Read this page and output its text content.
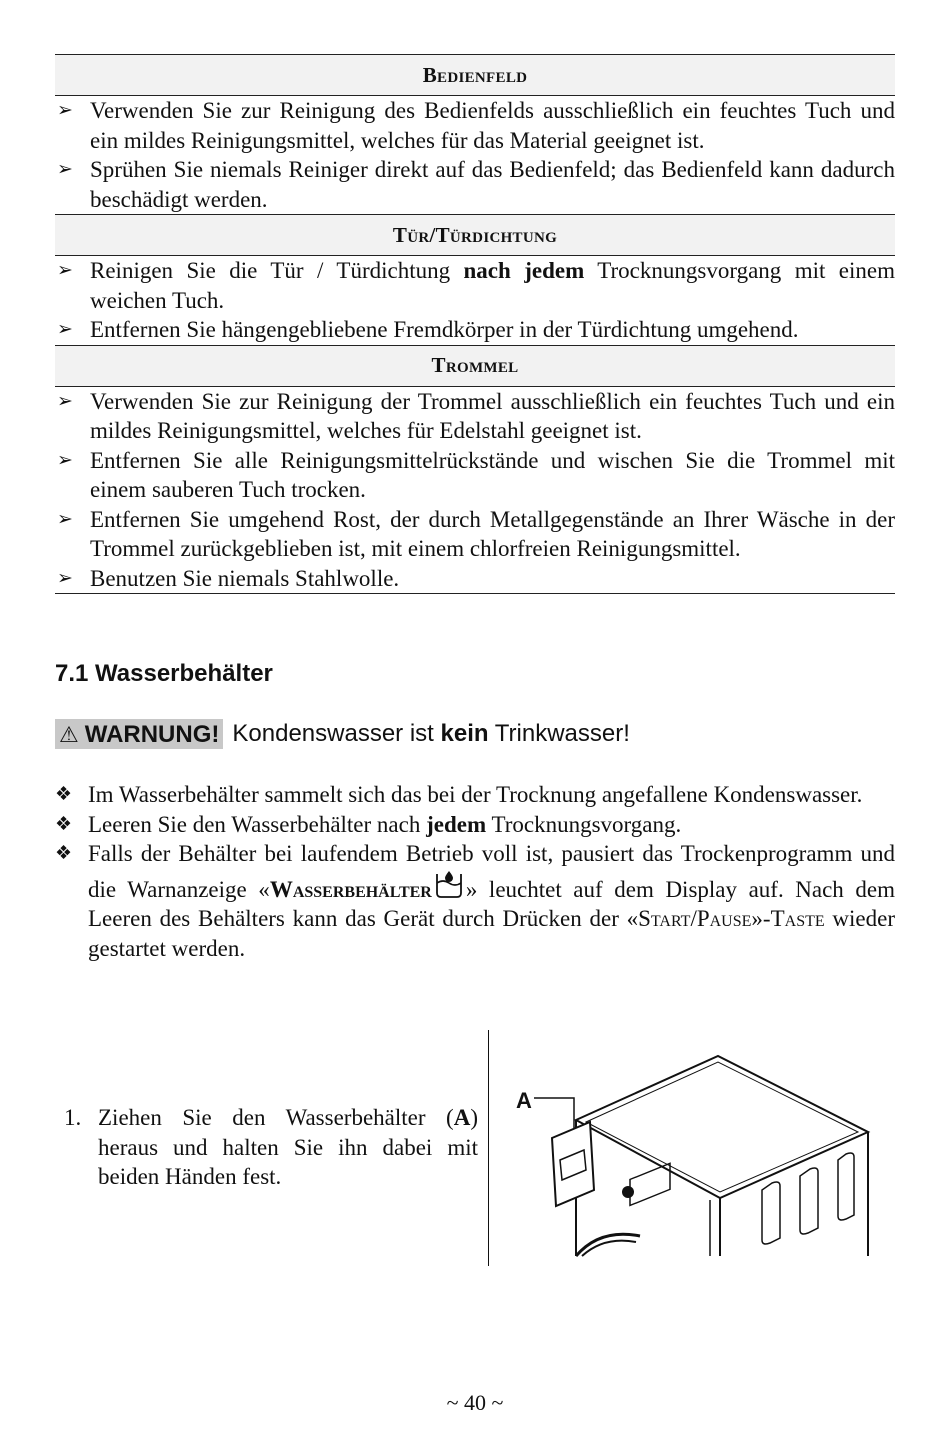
Bedienfeld

➢ Verwenden Sie zur Reinigung des Bedienfelds ausschließlich ein feuchtes Tuch und ein mildes Reinigungsmittel, welches für das Material geeignet ist.
➢ Sprühen Sie niemals Reiniger direkt auf das Bedienfeld; das Bedienfeld kann dadurch beschädigt werden.

Tür/Türdichtung

➢ Reinigen Sie die Tür / Türdichtung nach jedem Trocknungsvorgang mit einem weichen Tuch.
➢ Entfernen Sie hängengebliebene Fremdkörper in der Türdichtung umgehend.

Trommel

➢ Verwenden Sie zur Reinigung der Trommel ausschließlich ein feuchtes Tuch und ein mildes Reinigungsmittel, welches für Edelstahl geeignet ist.
➢ Entfernen Sie alle Reinigungsmittelrückstände und wischen Sie die Trommel mit einem sauberen Tuch trocken.
➢ Entfernen Sie umgehend Rost, der durch Metallgegenstände an Ihrer Wäsche in der Trommel zurückgeblieben ist, mit einem chlorfreien Reinigungsmittel.
➢ Benutzen Sie niemals Stahlwolle.
7.1 Wasserbehälter
⚠ WARNUNG! Kondenswasser ist kein Trinkwasser!
❖ Im Wasserbehälter sammelt sich das bei der Trocknung angefallene Kondenswasser.
❖ Leeren Sie den Wasserbehälter nach jedem Trocknungsvorgang.
❖ Falls der Behälter bei laufendem Betrieb voll ist, pausiert das Trockenprogramm und die Warnanzeige «Wasserbehälter » leuchtet auf dem Display auf. Nach dem Leeren des Behälters kann das Gerät durch Drücken der «Start/Pause»-Taste wieder gestartet werden.
1. Ziehen Sie den Wasserbehälter (A) heraus und halten Sie ihn dabei mit beiden Händen fest.
A
~ 40 ~
